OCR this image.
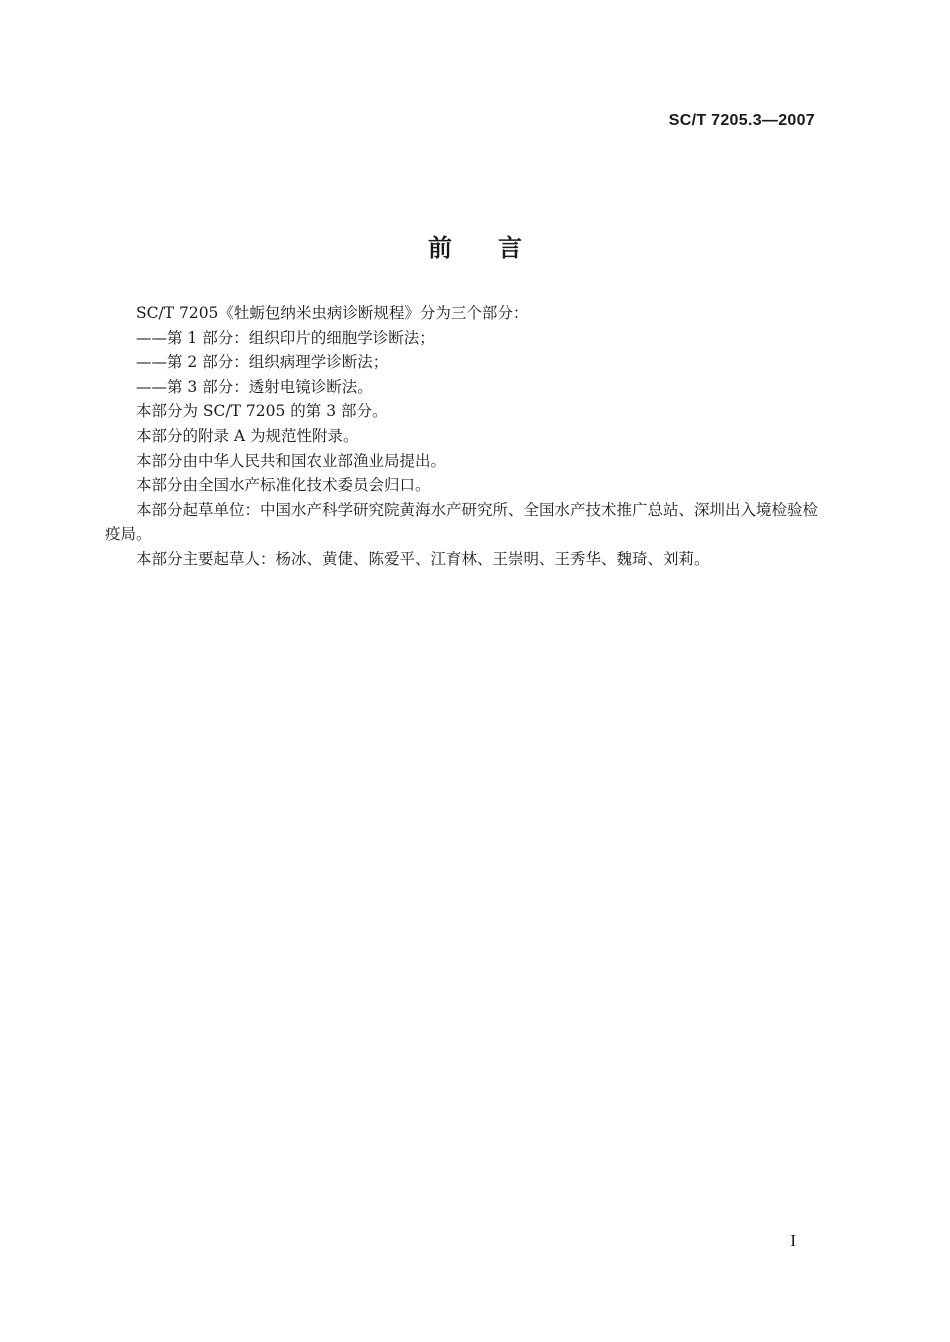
SC/T 7205.3—2007
前 言

SC/T 7205《牡蛎包纳米虫病诊断规程》分为三个部分：

——第 1 部分：组织印片的细胞学诊断法；

——第 2 部分：组织病理学诊断法；

——第 3 部分：透射电镜诊断法。

本部分为 SC/T 7205 的第 3 部分。

本部分的附录 A 为规范性附录。

本部分由中华人民共和国农业部渔业局提出。

本部分由全国水产标准化技术委员会归口。

本部分起草单位：中国水产科学研究院黄海水产研究所、全国水产技术推广总站、深圳出入境检验检疫局。

本部分主要起草人：杨冰、黄倢、陈爱平、江育林、王崇明、王秀华、魏琦、刘莉。

I
